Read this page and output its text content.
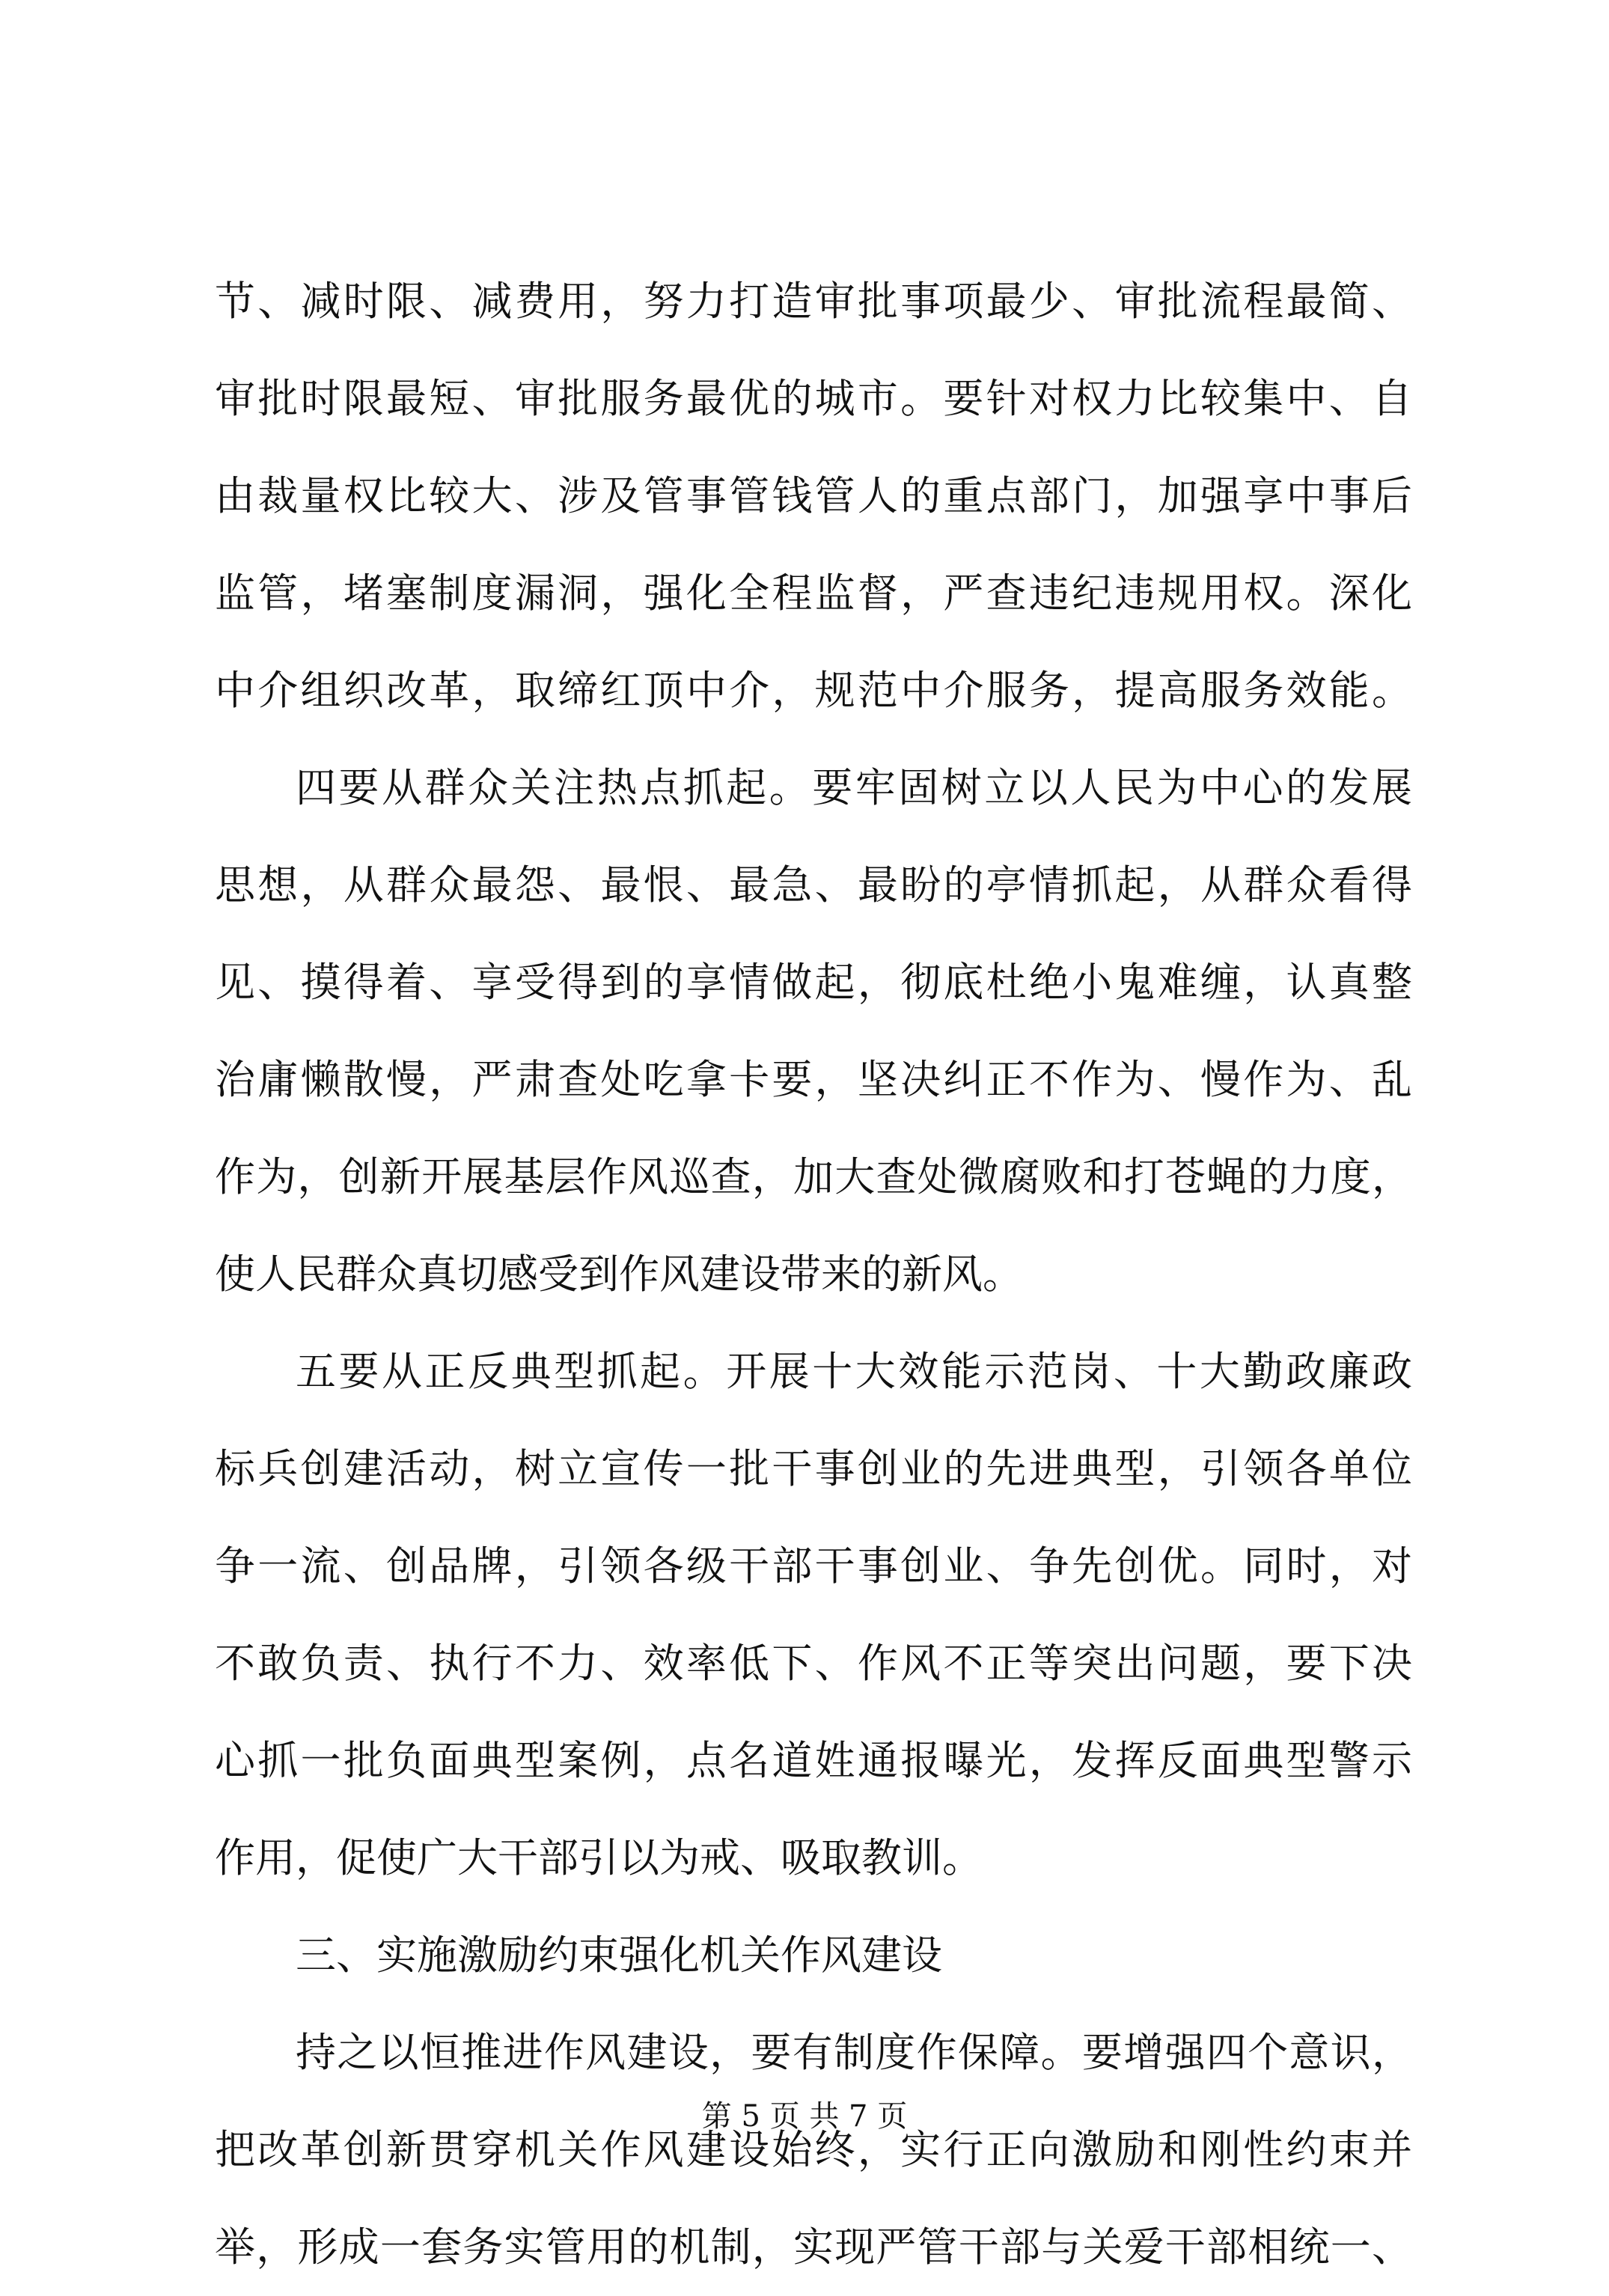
节、减时限、减费用，努力打造审批事项最少、审批流程最简、
审批时限最短、审批服务最优的城市。要针对权力比较集中、自
由裁量权比较大、涉及管事管钱管人的重点部门，加强享中事后
监管，堵塞制度漏洞，强化全程监督，严查违纪违规用权。深化
中介组织改革，取缔红顶中介，规范中介服务，提高服务效能。
四要从群众关注热点抓起。要牢固树立以人民为中心的发展
思想，从群众最怨、最恨、最急、最盼的亭情抓起，从群众看得
见、摸得着、享受得到的享情做起，彻底杜绝小鬼难缠，认真整
治庸懒散慢，严肃查处吃拿卡要，坚决纠正不作为、慢作为、乱
作为，创新开展基层作风巡查，加大查处微腐败和打苍蝇的力度，
使人民群众真切感受到作风建设带来的新风。
五要从正反典型抓起。开展十大效能示范岗、十大勤政廉政
标兵创建活动，树立宣传一批干事创业的先进典型，引领各单位
争一流、创品牌，引领各级干部干事创业、争先创优。同时，对
不敢负责、执行不力、效率低下、作风不正等突出问题，要下决
心抓一批负面典型案例，点名道姓通报曝光，发挥反面典型警示
作用，促使广大干部引以为戒、吸取教训。
三、实施激励约束强化机关作风建设
持之以恒推进作风建设，要有制度作保障。要增强四个意识，
把改革创新贯穿机关作风建设始终，实行正向激励和刚性约束并
举，形成一套务实管用的机制，实现严管干部与关爱干部相统一、
第 5 页 共 7 页
